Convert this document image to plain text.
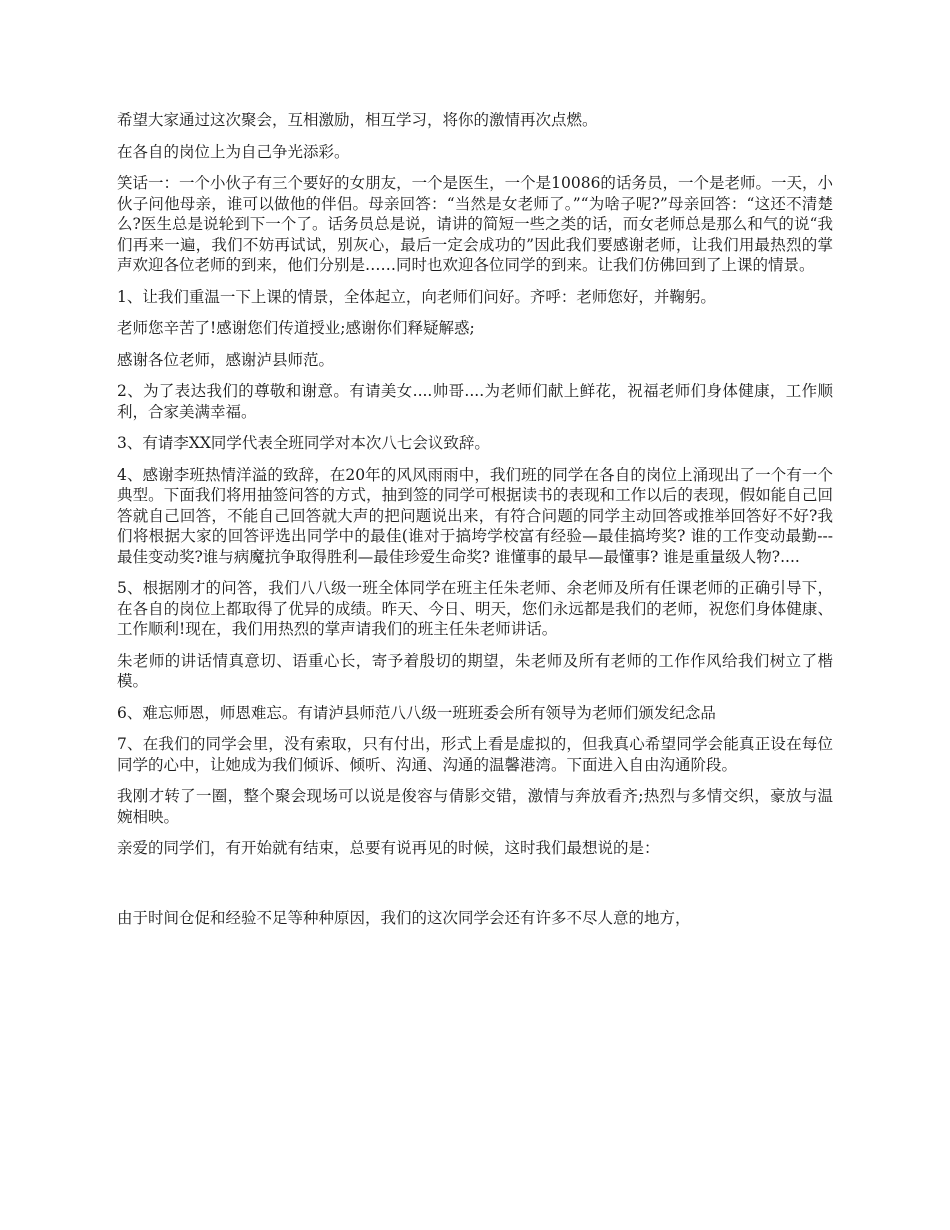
希望大家通过这次聚会，互相激励，相互学习，将你的激情再次点燃。

在各自的岗位上为自己争光添彩。

笑话一：一个小伙子有三个要好的女朋友，一个是医生，一个是10086的话务员，一个是老师。一天，小伙子问他母亲，谁可以做他的伴侣。母亲回答：“当然是女老师了。”“为啥子呢?”母亲回答：“这还不清楚么?医生总是说轮到下一个了。话务员总是说，请讲的简短一些之类的话，而女老师总是那么和气的说“我们再来一遍，我们不妨再试试，别灰心，最后一定会成功的”因此我们要感谢老师，让我们用最热烈的掌声欢迎各位老师的到来，他们分别是……同时也欢迎各位同学的到来。让我们仿佛回到了上课的情景。

1、让我们重温一下上课的情景，全体起立，向老师们问好。齐呼：老师您好，并鞠躬。

老师您辛苦了!感谢您们传道授业;感谢你们释疑解惑;

感谢各位老师，感谢泸县师范。

2、为了表达我们的尊敬和谢意。有请美女....帅哥....为老师们献上鲜花，祝福老师们身体健康，工作顺利，合家美满幸福。

3、有请李XX同学代表全班同学对本次八七会议致辞。

4、感谢李班热情洋溢的致辞，在20年的风风雨雨中，我们班的同学在各自的岗位上涌现出了一个有一个典型。下面我们将用抽签问答的方式，抽到签的同学可根据读书的表现和工作以后的表现，假如能自己回答就自己回答，不能自己回答就大声的把问题说出来，有符合问题的同学主动回答或推举回答好不好?我们将根据大家的回答评选出同学中的最佳(谁对于搞垮学校富有经验—最佳搞垮奖? 谁的工作变动最勤---最佳变动奖?谁与病魔抗争取得胜利—最佳珍爱生命奖? 谁懂事的最早—最懂事? 谁是重量级人物?....

5、根据刚才的问答，我们八八级一班全体同学在班主任朱老师、余老师及所有任课老师的正确引导下，在各自的岗位上都取得了优异的成绩。昨天、今日、明天，您们永远都是我们的老师，祝您们身体健康、工作顺利!现在，我们用热烈的掌声请我们的班主任朱老师讲话。

朱老师的讲话情真意切、语重心长，寄予着殷切的期望，朱老师及所有老师的工作作风给我们树立了楷模。

6、难忘师恩，师恩难忘。有请泸县师范八八级一班班委会所有领导为老师们颁发纪念品

7、在我们的同学会里，没有索取，只有付出，形式上看是虚拟的，但我真心希望同学会能真正设在每位同学的心中，让她成为我们倾诉、倾听、沟通、沟通的温馨港湾。下面进入自由沟通阶段。

我刚才转了一圈，整个聚会现场可以说是俊容与倩影交错，激情与奔放看齐;热烈与多情交织，豪放与温婉相映。

亲爱的同学们，有开始就有结束，总要有说再见的时候，这时我们最想说的是：

由于时间仓促和经验不足等种种原因，我们的这次同学会还有许多不尽人意的地方，
